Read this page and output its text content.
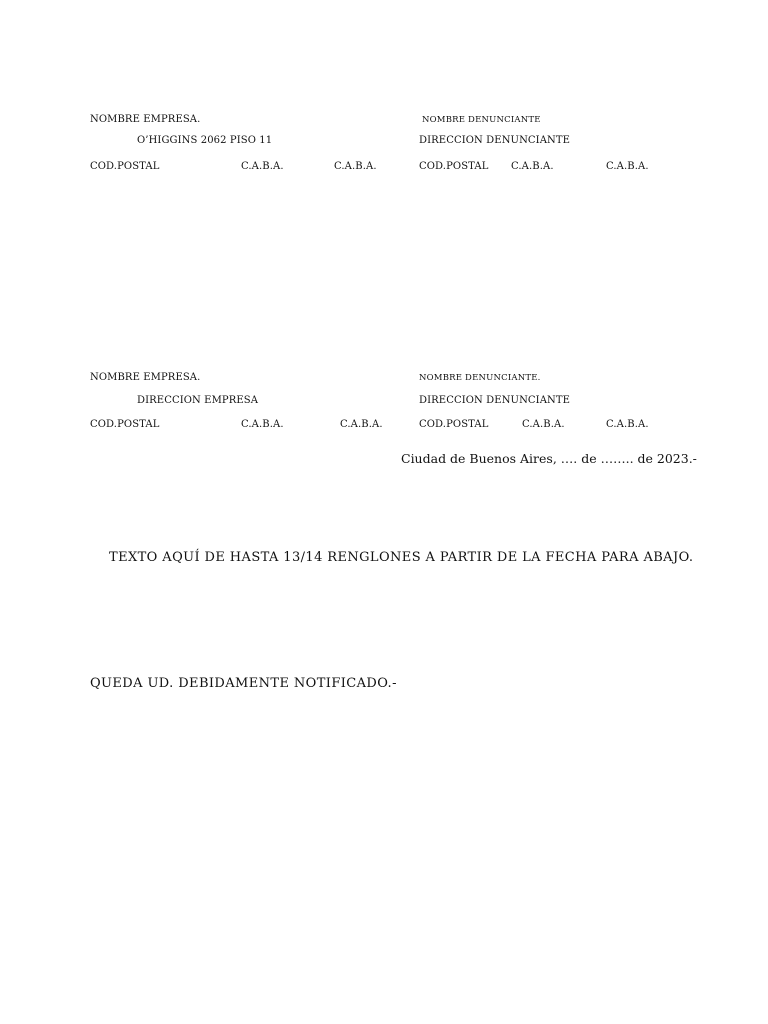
NOMBRE EMPRESA.	NOMBRE DENUNCIANTE
O’HIGGINS 2062 PISO 11	DIRECCION DENUNCIANTE
COD.POSTAL	C.A.B.A.	C.A.B.A.	COD.POSTAL C.A.B.A.	C.A.B.A.
NOMBRE EMPRESA.	NOMBRE DENUNCIANTE.
DIRECCION EMPRESA	DIRECCION DENUNCIANTE
COD.POSTAL	C.A.B.A.	C.A.B.A.	COD.POSTAL	C.A.B.A.	C.A.B.A.
Ciudad de Buenos Aires, …. de …….. de 2023.-
TEXTO AQUÍ DE HASTA 13/14 RENGLONES A PARTIR DE LA FECHA PARA ABAJO.
QUEDA UD. DEBIDAMENTE NOTIFICADO.-
